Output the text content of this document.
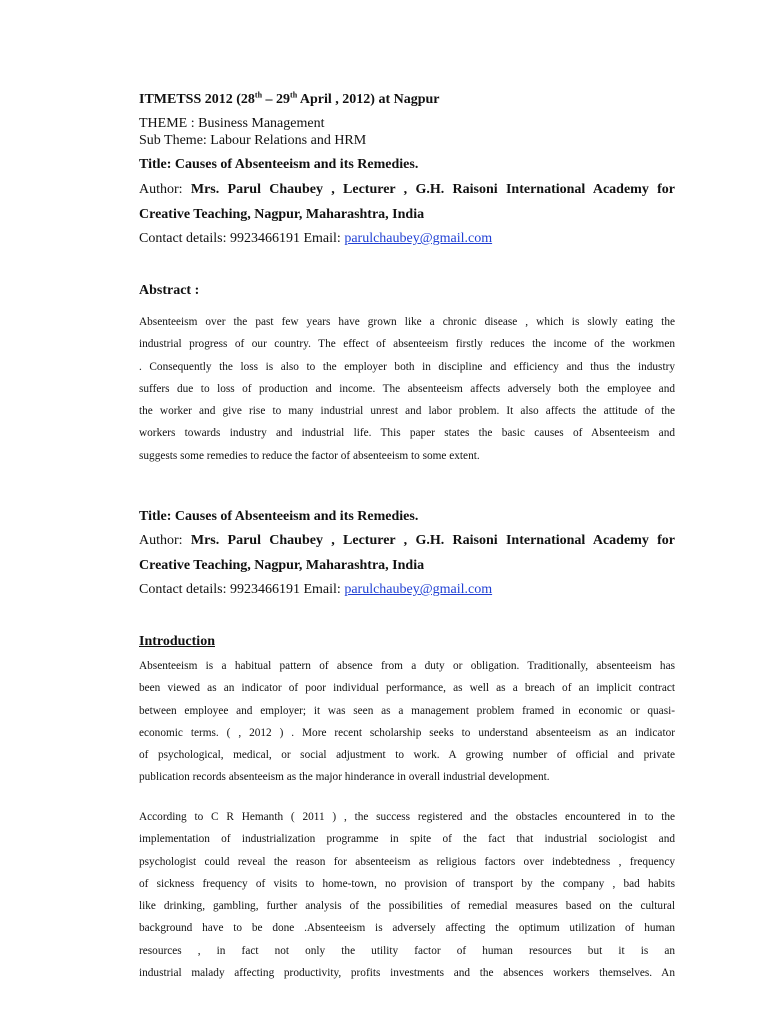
ITMETSS 2012 (28th – 29th April , 2012) at Nagpur
THEME : Business Management
Sub Theme: Labour Relations and HRM
Title: Causes of Absenteeism and its Remedies.
Author: Mrs. Parul Chaubey , Lecturer , G.H. Raisoni International Academy for
Creative Teaching, Nagpur, Maharashtra, India
Contact details: 9923466191 Email: parulchaubey@gmail.com
Abstract :
Absenteeism over the past few years have grown like a chronic disease , which is slowly eating the
industrial progress of our country. The effect of absenteeism firstly reduces the income of the workmen
. Consequently the loss is also to the employer both in discipline and efficiency and thus the industry
suffers due to loss of production and income. The absenteeism affects adversely both the employee and
the worker and give rise to many industrial unrest and labor problem. It also affects the attitude of the
workers towards industry and industrial life. This paper states the basic causes of Absenteeism and
suggests some remedies to reduce the factor of absenteeism to some extent.
Title: Causes of Absenteeism and its Remedies.
Author: Mrs. Parul Chaubey , Lecturer , G.H. Raisoni International Academy for
Creative Teaching, Nagpur, Maharashtra, India
Contact details: 9923466191 Email: parulchaubey@gmail.com
Introduction
Absenteeism is a habitual pattern of absence from a duty or obligation. Traditionally, absenteeism has
been viewed as an indicator of poor individual performance, as well as a breach of an implicit contract
between employee and employer; it was seen as a management problem framed in economic or quasi-
economic terms. ( , 2012 ) . More recent scholarship seeks to understand absenteeism as an indicator
of psychological, medical, or social adjustment to work. A growing number of official and private
publication records absenteeism as the major hinderance in overall industrial development.
According to C R Hemanth ( 2011 ) , the success registered and the obstacles encountered in to the
implementation of industrialization programme in spite of the fact that industrial sociologist and
psychologist could reveal the reason for absenteeism as religious factors over indebtedness , frequency
of sickness frequency of visits to home-town, no provision of transport by the company , bad habits
like drinking, gambling, further analysis of the possibilities of remedial measures based on the cultural
background have to be done .Absenteeism is adversely affecting the optimum utilization of human
resources , in fact not only the utility factor of human resources but it is an
industrial malady affecting productivity, profits investments and the absences workers themselves. An
